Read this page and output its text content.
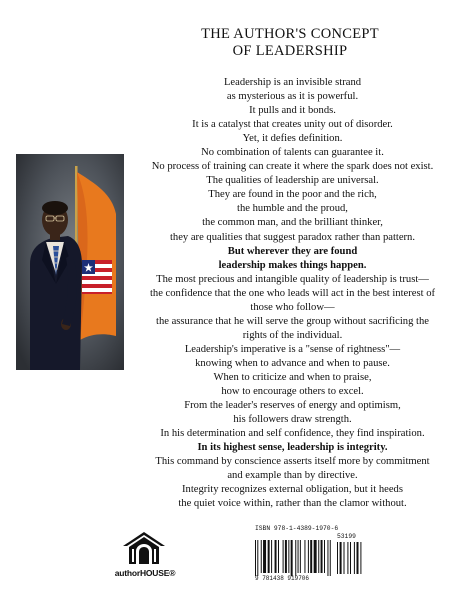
THE AUTHOR'S CONCEPT
OF LEADERSHIP
Leadership is an invisible strand
as mysterious as it is powerful.
It pulls and it bonds.
It is a catalyst that creates unity out of disorder.
Yet, it defies definition.
No combination of talents can guarantee it.
No process of training can create it where the spark does not exist.
The qualities of leadership are universal.
They are found in the poor and the rich,
the humble and the proud,
the common man, and the brilliant thinker,
they are qualities that suggest paradox rather than pattern.
But wherever they are found
leadership makes things happen.
The most precious and intangible quality of leadership is trust—
the confidence that the one who leads will act in the best interest of
those who follow—
the assurance that he will serve the group without sacrificing the
rights of the individual.
Leadership's imperative is a "sense of rightness"—
knowing when to advance and when to pause.
When to criticize and when to praise,
how to encourage others to excel.
From the leader's reserves of energy and optimism,
his followers draw strength.
In his determination and self confidence, they find inspiration.
In its highest sense, leadership is integrity.
This command by conscience asserts itself more by commitment
and example than by directive.
Integrity recognizes external obligation, but it heeds
the quiet voice within, rather than the clamor without.
authorHOUSE®
ISBN 978-1-4389-1970-6
53199
9 781438 919706
